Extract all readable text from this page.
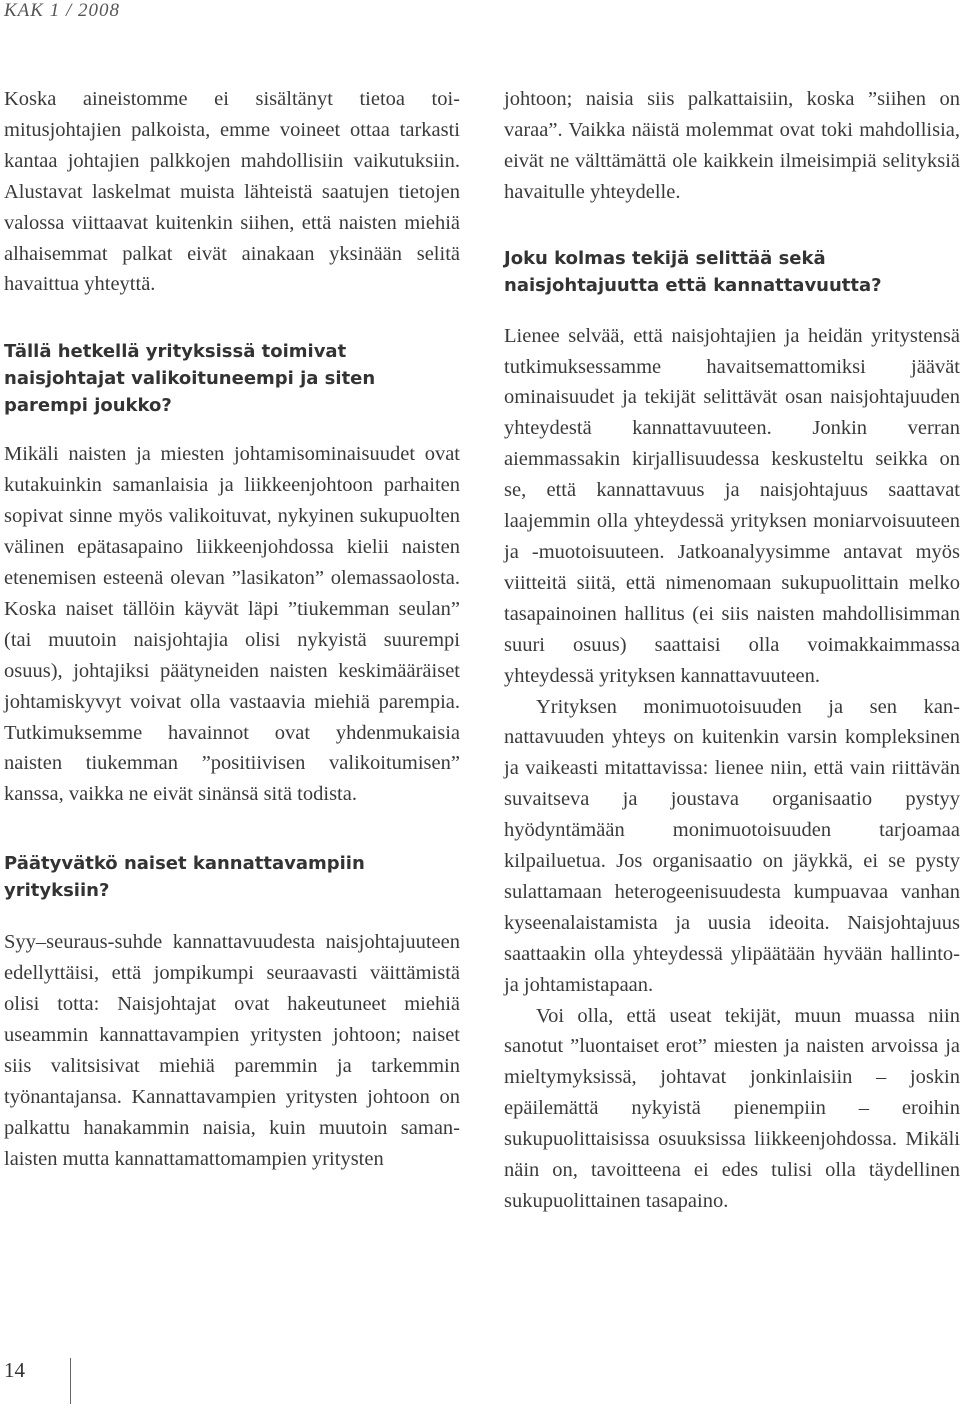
KAK 1 / 2008

Koska aineistomme ei sisältänyt tietoa toimitusjohtajien palkoista, emme voineet ottaa tarkasti kantaa johtajien palkkojen mahdollisiin vaikutuksiin. Alustavat laskelmat muista lähteistä saatujen tietojen valossa viittaavat kuitenkin siihen, että naisten miehiä alhaisemmat palkat eivät ainakaan yksinään selitä havaittua yhteyttä.

Tällä hetkellä yrityksissä toimivat naisjohtajat valikoituneempi ja siten parempi joukko?

Mikäli naisten ja miesten johtamisominaisuudet ovat kutakuinkin samanlaisia ja liikkeenjohtoon parhaiten sopivat sinne myös valikoituvat, nykyinen sukupuolten välinen epätasapaino liikkeenjohdossa kielii naisten etenemisen esteenä olevan ”lasikaton” olemassaolosta. Koska naiset tällöin käyvät läpi ”tiukemman seulan” (tai muutoin naisjohtajia olisi nykyistä suurempi osuus), johtajiksi päätyneiden naisten keskimääräiset johtamiskyvyt voivat olla vastaavia miehiä parempia. Tutkimuksemme havainnot ovat yhdenmukaisia naisten tiukemman ”positiivisen valikoitumisen” kanssa, vaikka ne eivät sinänsä sitä todista.

Päätyvätkö naiset kannattavampiin yrityksiin?

Syy–seuraus-suhde kannattavuudesta naisjohtajuuteen edellyttäisi, että jompikumpi seuraavasti väittämistä olisi totta: Naisjohtajat ovat hakeutuneet miehiä useammin kannattavampien yritysten johtoon; naiset siis valitsisivat miehiä paremmin ja tarkemmin työnantajansa. Kannattavampien yritysten johtoon on palkattu hanakammin naisia, kuin muutoin samanlaisten mutta kannattamattomampien yritysten

johtoon; naisia siis palkattaisiin, koska ”siihen on varaa”. Vaikka näistä molemmat ovat toki mahdollisia, eivät ne välttämättä ole kaikkein ilmeisimpiä selityksiä havaitulle yhteydelle.

Joku kolmas tekijä selittää sekä naisjohtajuutta että kannattavuutta?

Lienee selvää, että naisjohtajien ja heidän yritystensä tutkimuksessamme havaitsemattomiksi jäävät ominaisuudet ja tekijät selittävät osan naisjohtajuuden yhteydestä kannattavuuteen. Jonkin verran aiemmassakin kirjallisuudessa keskusteltu seikka on se, että kannattavuus ja naisjohtajuus saattavat laajemmin olla yhteydessä yrityksen moniarvoisuuteen ja -muotoisuuteen. Jatkoanalyysimme antavat myös viitteitä siitä, että nimenomaan sukupuolittain melko tasapainoinen hallitus (ei siis naisten mahdollisimman suuri osuus) saattaisi olla voimakkaimmassa yhteydessä yrityksen kannattavuuteen.

Yrityksen monimuotoisuuden ja sen kannattavuuden yhteys on kuitenkin varsin kompleksinen ja vaikeasti mitattavissa: lienee niin, että vain riittävän suvaitseva ja joustava organisaatio pystyy hyödyntämään monimuotoisuuden tarjoamaa kilpailuetua. Jos organisaatio on jäykkä, ei se pysty sulattamaan heterogeenisuudesta kumpuavaa vanhan kyseenalaistamista ja uusia ideoita. Naisjohtajuus saattaakin olla yhteydessä ylipäätään hyvään hallinto- ja johtamistapaan.

Voi olla, että useat tekijät, muun muassa niin sanotut ”luontaiset erot” miesten ja naisten arvoissa ja mieltymyksissä, johtavat jonkinlaisiin – joskin epäilemättä nykyistä pienempiin – eroihin sukupuolittaisissa osuuksissa liikkeenjohdossa. Mikäli näin on, tavoitteena ei edes tulisi olla täydellinen sukupuolittainen tasapaino.

14
